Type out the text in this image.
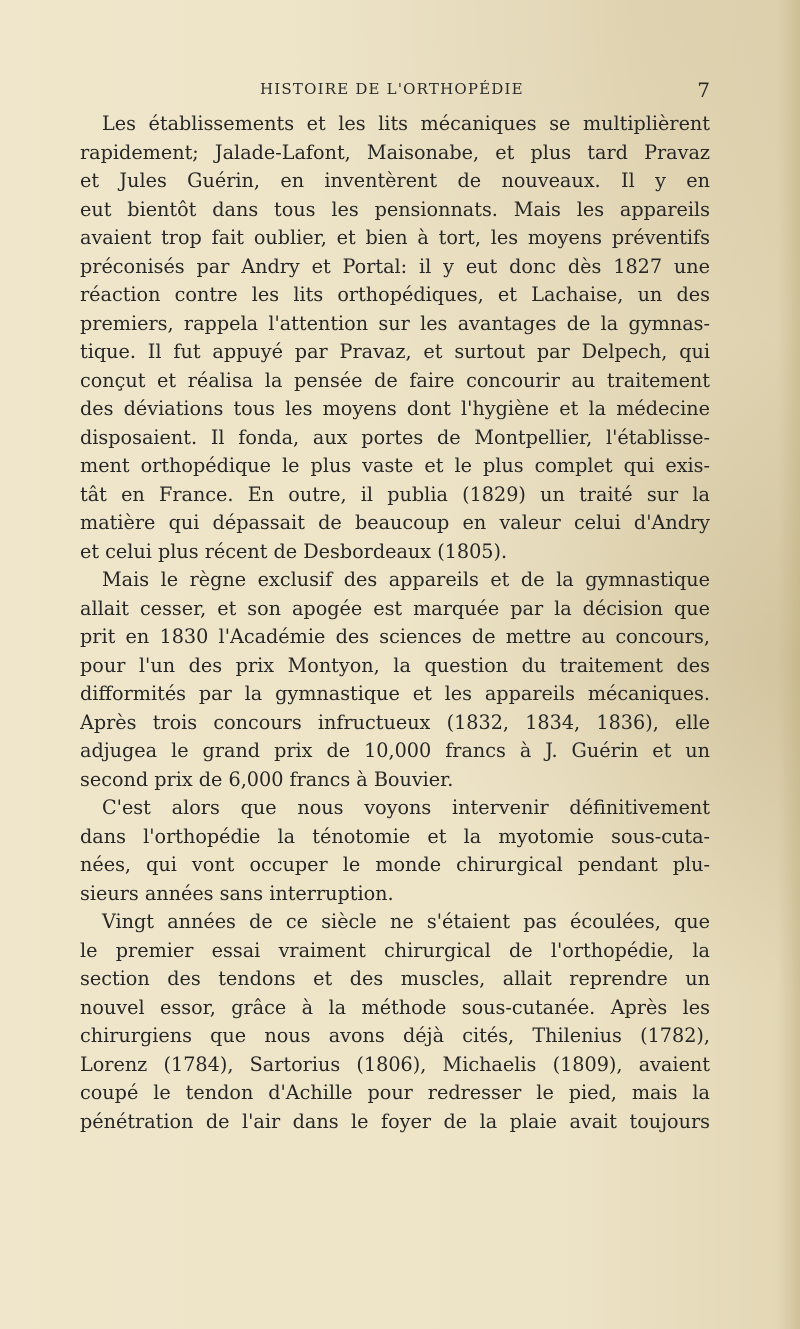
HISTOIRE DE L'ORTHOPÉDIE	7
Les établissements et les lits mécaniques se multiplièrent
rapidement; Jalade-Lafont, Maisonabe, et plus tard Pravaz
et Jules Guérin, en inventèrent de nouveaux. Il y en
eut bientôt dans tous les pensionnats. Mais les appareils
avaient trop fait oublier, et bien à tort, les moyens préventifs
préconisés par Andry et Portal: il y eut donc dès 1827 une
réaction contre les lits orthopédiques, et Lachaise, un des
premiers, rappela l'attention sur les avantages de la gymnas-
tique. Il fut appuyé par Pravaz, et surtout par Delpech, qui
conçut et réalisa la pensée de faire concourir au traitement
des déviations tous les moyens dont l'hygiène et la médecine
disposaient. Il fonda, aux portes de Montpellier, l'établisse-
ment orthopédique le plus vaste et le plus complet qui exis-
tât en France. En outre, il publia (1829) un traité sur la
matière qui dépassait de beaucoup en valeur celui d'Andry
et celui plus récent de Desbordeaux (1805).
Mais le règne exclusif des appareils et de la gymnastique
allait cesser, et son apogée est marquée par la décision que
prit en 1830 l'Académie des sciences de mettre au concours,
pour l'un des prix Montyon, la question du traitement des
difformités par la gymnastique et les appareils mécaniques.
Après trois concours infructueux (1832, 1834, 1836), elle
adjugea le grand prix de 10,000 francs à J. Guérin et un
second prix de 6,000 francs à Bouvier.
C'est alors que nous voyons intervenir définitivement
dans l'orthopédie la ténotomie et la myotomie sous-cuta-
nées, qui vont occuper le monde chirurgical pendant plu-
sieurs années sans interruption.
Vingt années de ce siècle ne s'étaient pas écoulées, que
le premier essai vraiment chirurgical de l'orthopédie, la
section des tendons et des muscles, allait reprendre un
nouvel essor, grâce à la méthode sous-cutanée. Après les
chirurgiens que nous avons déjà cités, Thilenius (1782),
Lorenz (1784), Sartorius (1806), Michaelis (1809), avaient
coupé le tendon d'Achille pour redresser le pied, mais la
pénétration de l'air dans le foyer de la plaie avait toujours
